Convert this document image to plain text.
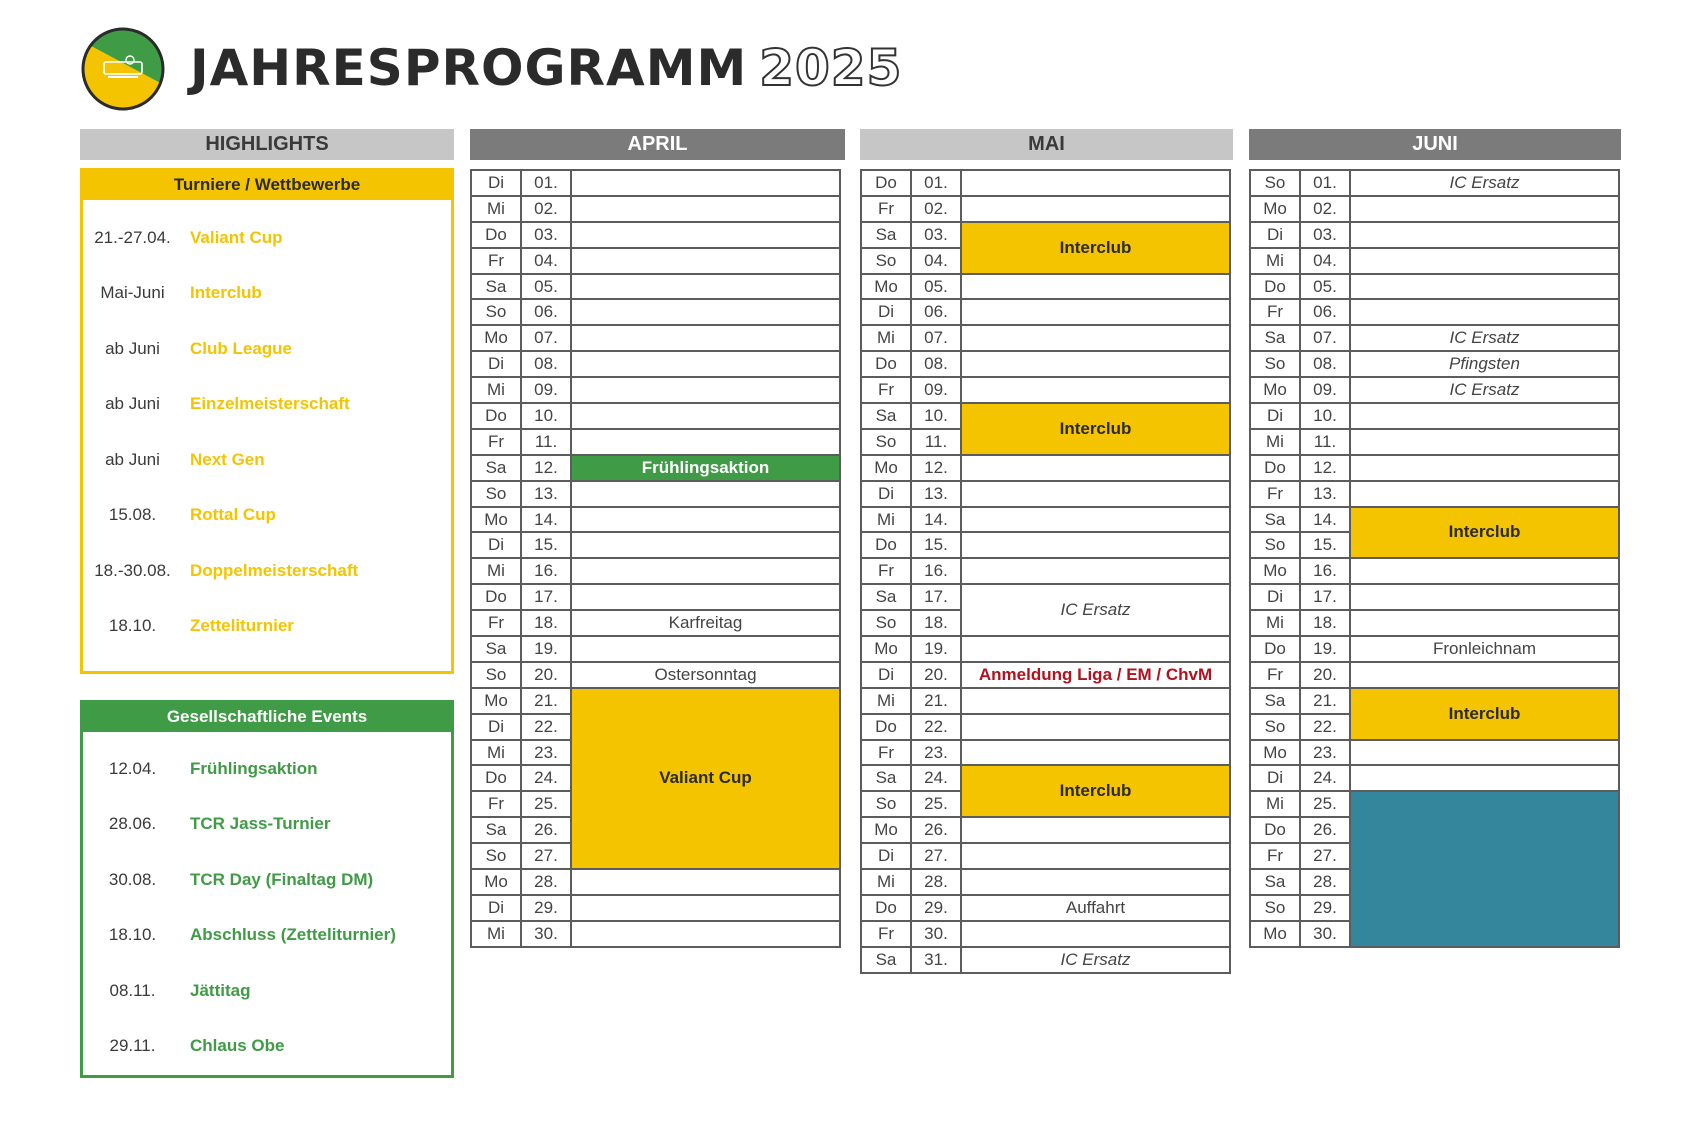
JAHRESPROGRAMM 2025
HIGHLIGHTS	APRIL	MAI	JUNI
Turniere / Wettbewerbe
21.-27.04.	Valiant Cup
Mai-Juni	Interclub
ab Juni	Club League
ab Juni	Einzelmeisterschaft
ab Juni	Next Gen
15.08.	Rottal Cup
18.-30.08.	Doppelmeisterschaft
18.10.	Zetteliturnier
Gesellschaftliche Events
12.04.	Frühlingsaktion
28.06.	TCR Jass-Turnier
30.08.	TCR Day (Finaltag DM)
18.10.	Abschluss (Zetteliturnier)
08.11.	Jättitag
29.11.	Chlaus Obe
Di	01.	
Mi	02.	
Do	03.	
Fr	04.	
Sa	05.	
So	06.	
Mo	07.	
Di	08.	
Mi	09.	
Do	10.	
Fr	11.	
Sa	12.	Frühlingsaktion
So	13.	
Mo	14.	
Di	15.	
Mi	16.	
Do	17.	
Fr	18.	Karfreitag
Sa	19.	
So	20.	Ostersonntag
Mo	21.	Valiant Cup
Di	22.	
Mi	23.	
Do	24.	
Fr	25.	
Sa	26.	
So	27.	
Mo	28.	
Di	29.	
Mi	30.	
Do	01.	
Fr	02.	
Sa	03.	Interclub
So	04.	
Mo	05.	
Di	06.	
Mi	07.	
Do	08.	
Fr	09.	
Sa	10.	Interclub
So	11.	
Mo	12.	
Di	13.	
Mi	14.	
Do	15.	
Fr	16.	
Sa	17.	IC Ersatz
So	18.	
Mo	19.	
Di	20.	Anmeldung Liga / EM / ChvM
Mi	21.	
Do	22.	
Fr	23.	
Sa	24.	Interclub
So	25.	
Mo	26.	
Di	27.	
Mi	28.	
Do	29.	Auffahrt
Fr	30.	
Sa	31.	IC Ersatz
So	01.	IC Ersatz
Mo	02.	
Di	03.	
Mi	04.	
Do	05.	
Fr	06.	
Sa	07.	IC Ersatz
So	08.	Pfingsten
Mo	09.	IC Ersatz
Di	10.	
Mi	11.	
Do	12.	
Fr	13.	
Sa	14.	Interclub
So	15.	
Mo	16.	
Di	17.	
Mi	18.	
Do	19.	Fronleichnam
Fr	20.	
Sa	21.	Interclub
So	22.	
Mo	23.	
Di	24.	
Mi	25.	
Do	26.	
Fr	27.	
Sa	28.	
So	29.	
Mo	30.	
